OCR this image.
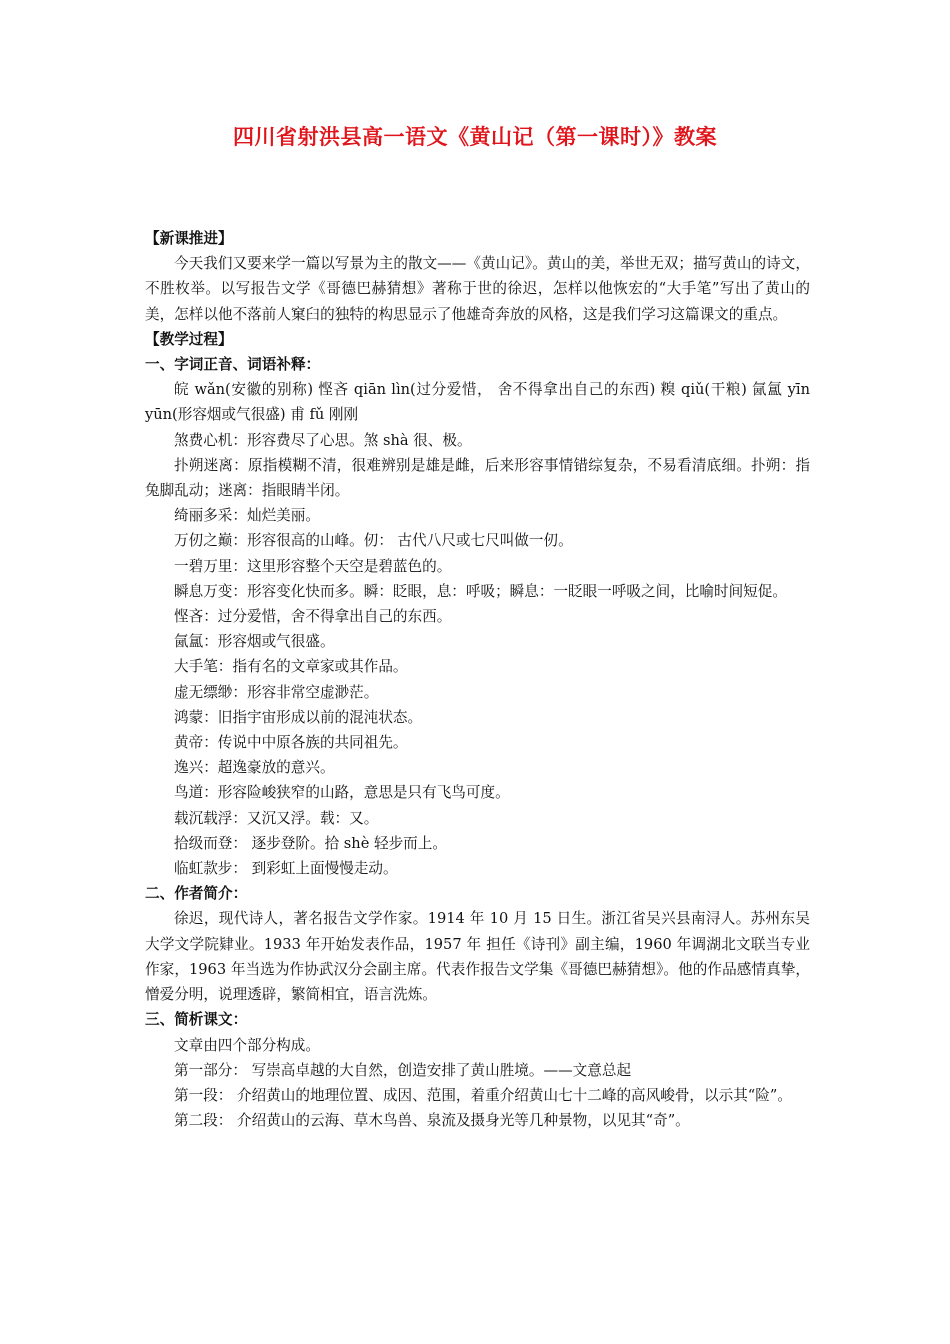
四川省射洪县高一语文《黄山记（第一课时）》教案

【新课推进】

今天我们又要来学一篇以写景为主的散文——《黄山记》。黄山的美，举世无双；描写黄山的诗文，不胜枚举。以写报告文学《哥德巴赫猜想》著称于世的徐迟，怎样以他恢宏的“大手笔”写出了黄山的美，怎样以他不落前人窠臼的独特的构思显示了他雄奇奔放的风格，这是我们学习这篇课文的重点。

【教学过程】

一、字词正音、词语补释：

皖 wǎn(安徽的别称) 悭吝 qiān lìn(过分爱惜， 舍不得拿出自己的东西) 糗 qiǔ(干粮) 氤氲 yīn yūn(形容烟或气很盛) 甫 fǔ 刚刚

煞费心机：形容费尽了心思。煞 shà 很、极。

扑朔迷离：原指模糊不清，很难辨别是雄是雌，后来形容事情错综复杂，不易看清底细。扑朔：指兔脚乱动；迷离：指眼睛半闭。

绮丽多采：灿烂美丽。

万仞之巅：形容很高的山峰。仞： 古代八尺或七尺叫做一仞。

一碧万里：这里形容整个天空是碧蓝色的。

瞬息万变：形容变化快而多。瞬：眨眼，息：呼吸；瞬息：一眨眼一呼吸之间，比喻时间短促。

悭吝：过分爱惜，舍不得拿出自己的东西。

氤氲：形容烟或气很盛。

大手笔：指有名的文章家或其作品。

虚无缥缈：形容非常空虚渺茫。

鸿蒙：旧指宇宙形成以前的混沌状态。

黄帝：传说中中原各族的共同祖先。

逸兴：超逸豪放的意兴。

鸟道：形容险峻狭窄的山路，意思是只有飞鸟可度。

载沉载浮：又沉又浮。载：又。

拾级而登： 逐步登阶。拾 shè 轻步而上。

临虹款步： 到彩虹上面慢慢走动。

二、作者简介：

徐迟，现代诗人，著名报告文学作家。1914 年 10 月 15 日生。浙江省吴兴县南浔人。苏州东吴大学文学院肄业。1933 年开始发表作品，1957 年 担任《诗刊》副主编，1960 年调湖北文联当专业作家，1963 年当选为作协武汉分会副主席。代表作报告文学集《哥德巴赫猜想》。他的作品感情真挚，憎爱分明，说理透辟，繁简相宜，语言洗炼。

三、简析课文：

文章由四个部分构成。

第一部分： 写崇高卓越的大自然，创造安排了黄山胜境。——文意总起

第一段： 介绍黄山的地理位置、成因、范围，着重介绍黄山七十二峰的高风峻骨，以示其“险”。

第二段： 介绍黄山的云海、草木鸟兽、泉流及摄身光等几种景物，以见其“奇”。
